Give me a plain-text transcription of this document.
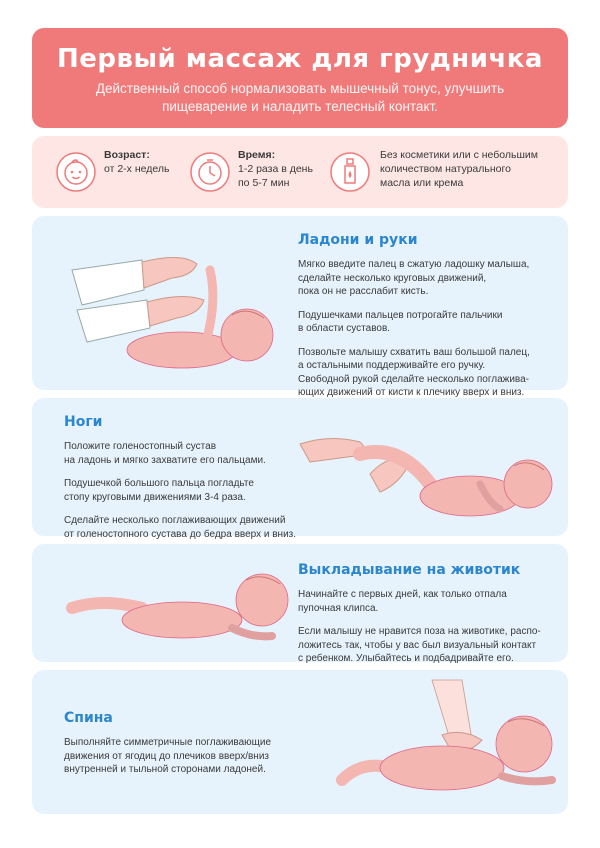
Первый массаж для грудничка

Действенный способ нормализовать мышечный тонус, улучшить пищеварение и наладить телесный контакт.

Возраст:
от 2-х недель
Время:
1-2 раза в день
по 5-7 мин
Без косметики или с небольшим
количеством натурального
масла или крема
Ладони и руки

Мягко введите палец в сжатую ладошку малыша,
сделайте несколько круговых движений,
пока он не расслабит кисть.

Подушечками пальцев потрогайте пальчики
в области суставов.

Позвольте малышу схватить ваш большой палец,
а остальными поддерживайте его ручку.
Свободной рукой сделайте несколько поглажива-
ющих движений от кисти к плечику вверх и вниз.

Ноги

Положите голеностопный сустав
на ладонь и мягко захватите его пальцами.

Подушечкой большого пальца погладьте
стопу круговыми движениями 3-4 раза.

Сделайте несколько поглаживающих движений
от голеностопного сустава до бедра вверх и вниз.

Выкладывание на животик

Начинайте с первых дней, как только отпала
пупочная клипса.

Если малышу не нравится поза на животике, распо-
ложитесь так, чтобы у вас был визуальный контакт
с ребенком. Улыбайтесь и подбадривайте его.

Спина

Выполняйте симметричные поглаживающие
движения от ягодиц до плечиков вверх/вниз
внутренней и тыльной сторонами ладоней.
